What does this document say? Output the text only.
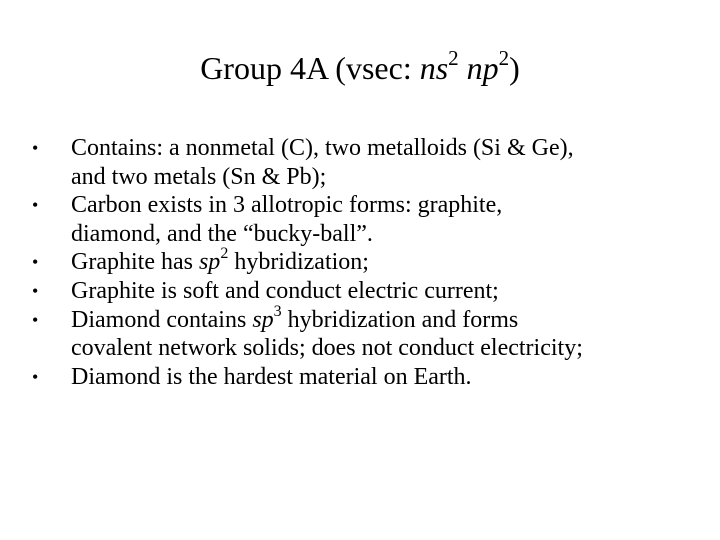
Group 4A (vsec: $ns^2$ $np^2$)
• Contains: a nonmetal (C), two metalloids (Si & Ge),
and two metals (Sn & Pb);
• Carbon exists in 3 allotropic forms: graphite,
diamond, and the “bucky-ball”.
• Graphite has $sp^2$ hybridization;
• Graphite is soft and conduct electric current;
• Diamond contains $sp^3$ hybridization and forms
covalent network solids; does not conduct electricity;
• Diamond is the hardest material on Earth.
